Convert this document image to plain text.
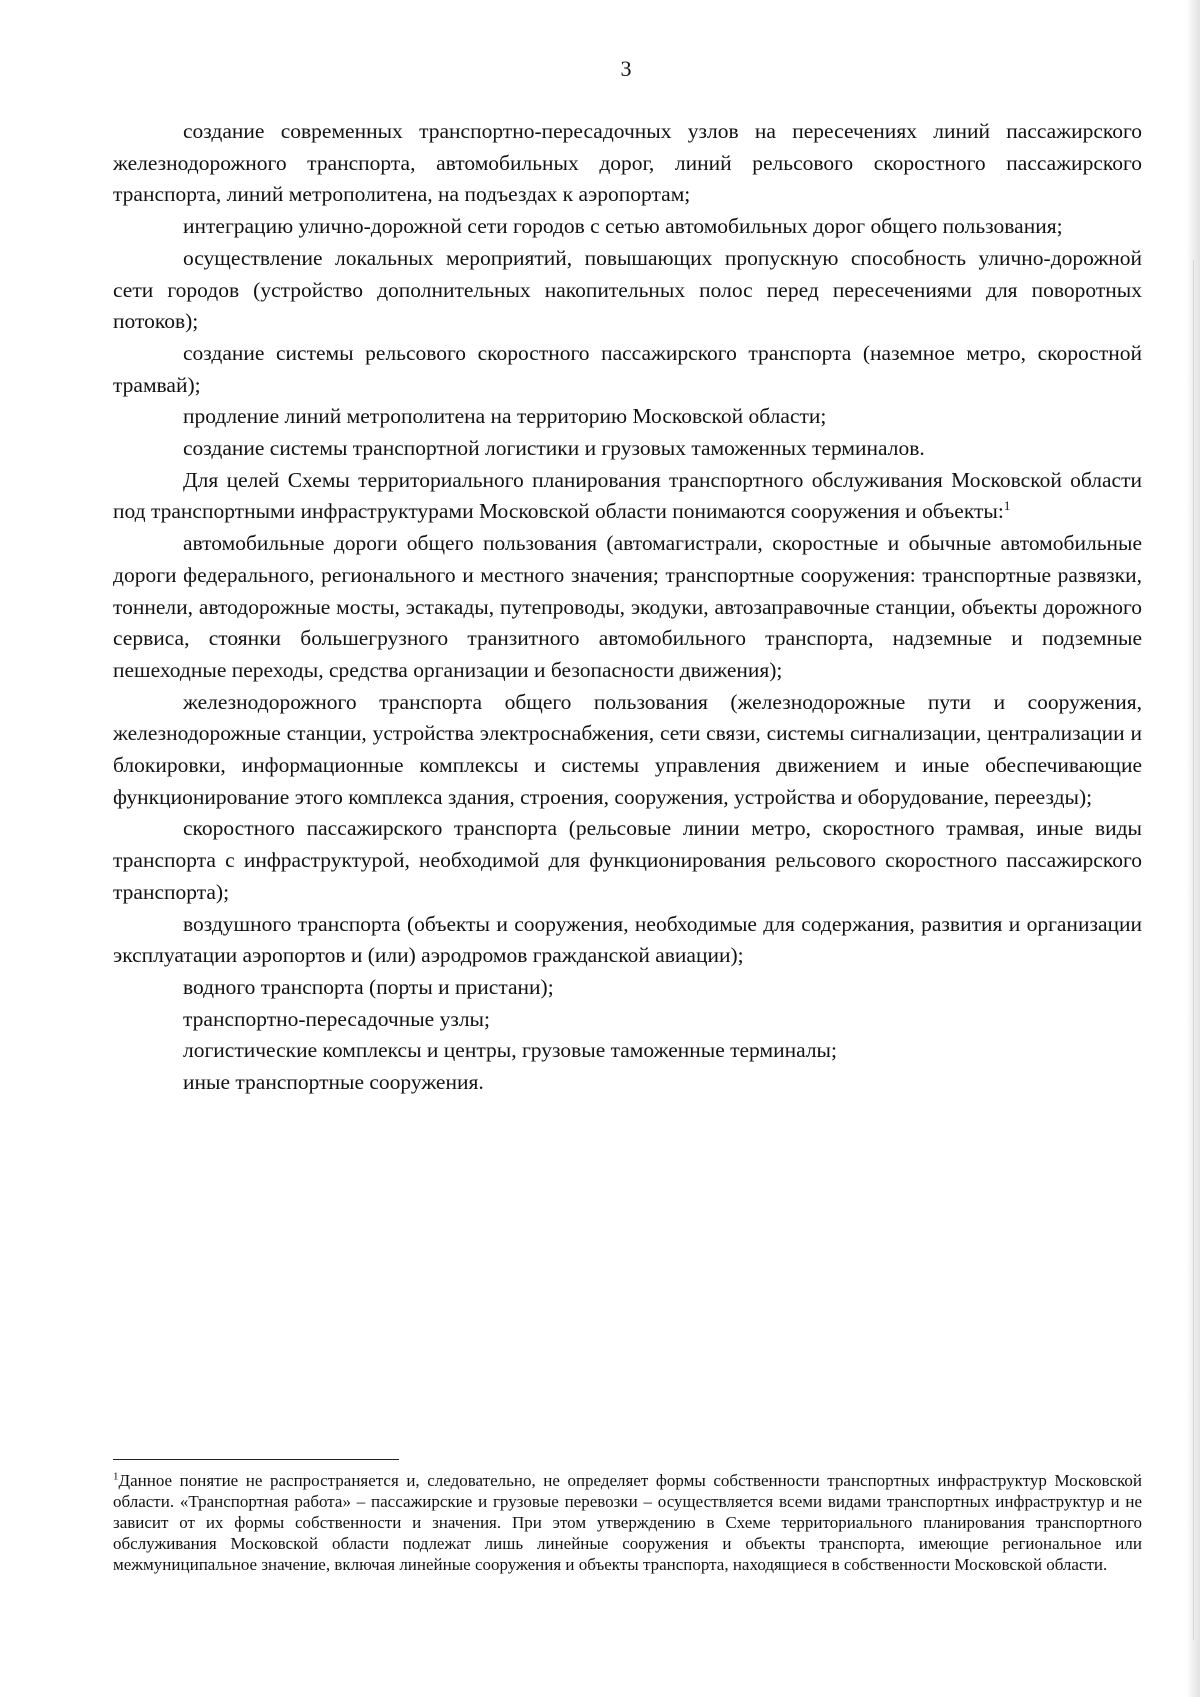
3

создание современных транспортно-пересадочных узлов на пересечениях линий пассажирского железнодорожного транспорта, автомобильных дорог, линий рельсового скоростного пассажирского транспорта, линий метрополитена, на подъездах к аэропортам;

интеграцию улично-дорожной сети городов с сетью автомобильных дорог общего пользования;

осуществление локальных мероприятий, повышающих пропускную способность улично-дорожной сети городов (устройство дополнительных накопительных полос перед пересечениями для поворотных потоков);

создание системы рельсового скоростного пассажирского транспорта (наземное метро, скоростной трамвай);

продление линий метрополитена на территорию Московской области;

создание системы транспортной логистики и грузовых таможенных терминалов.

Для целей Схемы территориального планирования транспортного обслуживания Московской области под транспортными инфраструктурами Московской области понимаются сооружения и объекты:$^1$

автомобильные дороги общего пользования (автомагистрали, скоростные и обычные автомобильные дороги федерального, регионального и местного значения; транспортные сооружения: транспортные развязки, тоннели, автодорожные мосты, эстакады, путепроводы, экодуки, автозаправочные станции, объекты дорожного сервиса, стоянки большегрузного транзитного автомобильного транспорта, надземные и подземные пешеходные переходы, средства организации и безопасности движения);

железнодорожного транспорта общего пользования (железнодорожные пути и сооружения, железнодорожные станции, устройства электроснабжения, сети связи, системы сигнализации, централизации и блокировки, информационные комплексы и системы управления движением и иные обеспечивающие функционирование этого комплекса здания, строения, сооружения, устройства и оборудование, переезды);

скоростного пассажирского транспорта (рельсовые линии метро, скоростного трамвая, иные виды транспорта с инфраструктурой, необходимой для функционирования рельсового скоростного пассажирского транспорта);

воздушного транспорта (объекты и сооружения, необходимые для содержания, развития и организации эксплуатации аэропортов и (или) аэродромов гражданской авиации);

водного транспорта (порты и пристани);

транспортно-пересадочные узлы;

логистические комплексы и центры, грузовые таможенные терминалы;

иные транспортные сооружения.

$^1$Данное понятие не распространяется и, следовательно, не определяет формы собственности транспортных инфраструктур Московской области. «Транспортная работа» – пассажирские и грузовые перевозки – осуществляется всеми видами транспортных инфраструктур и не зависит от их формы собственности и значения. При этом утверждению в Схеме территориального планирования транспортного обслуживания Московской области подлежат лишь линейные сооружения и объекты транспорта, имеющие региональное или межмуниципальное значение, включая линейные сооружения и объекты транспорта, находящиеся в собственности Московской области.
